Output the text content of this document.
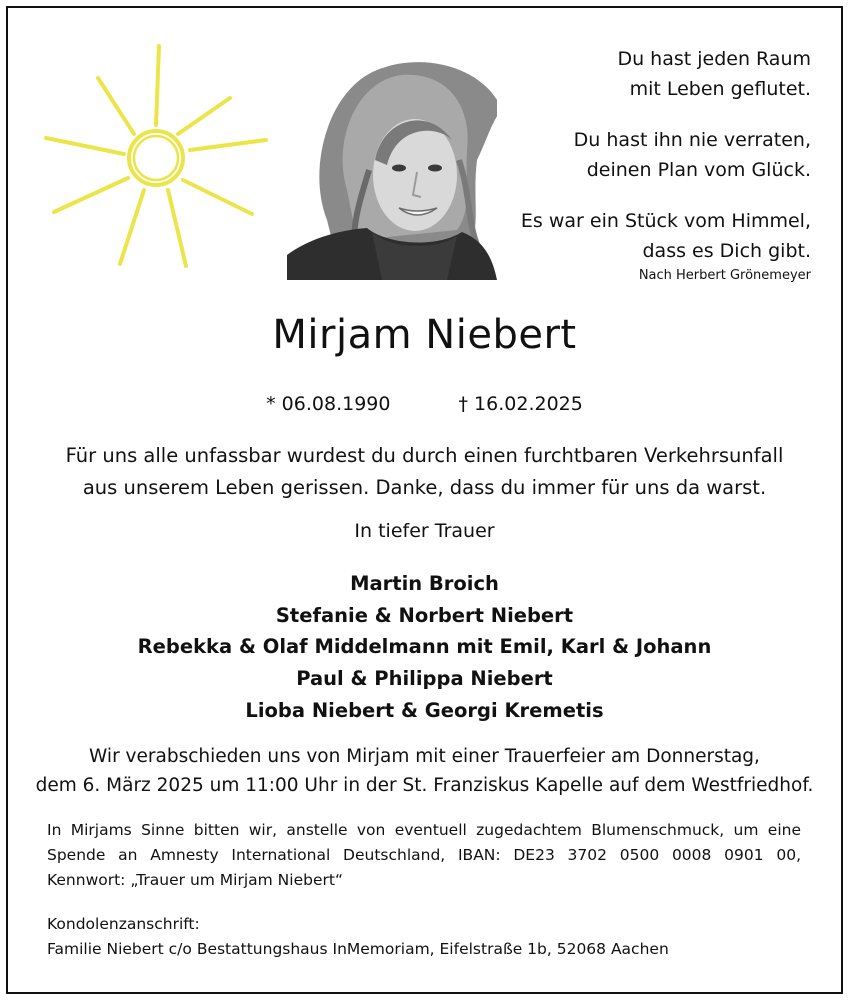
Du hast jeden Raum
mit Leben geflutet.

Du hast ihn nie verraten,
deinen Plan vom Glück.

Es war ein Stück vom Himmel,
dass es Dich gibt.

Nach Herbert Grönemeyer
Mirjam Niebert
* 06.08.1990	† 16.02.2025
Für uns alle unfassbar wurdest du durch einen furchtbaren Verkehrsunfall
aus unserem Leben gerissen. Danke, dass du immer für uns da warst.
In tiefer Trauer
Martin Broich
Stefanie & Norbert Niebert
Rebekka & Olaf Middelmann mit Emil, Karl & Johann
Paul & Philippa Niebert
Lioba Niebert & Georgi Kremetis
Wir verabschieden uns von Mirjam mit einer Trauerfeier am Donnerstag,
dem 6. März 2025 um 11:00 Uhr in der St. Franziskus Kapelle auf dem Westfriedhof.
In Mirjams Sinne bitten wir, anstelle von eventuell zugedachtem Blumenschmuck, um eine
Spende an Amnesty International Deutschland, IBAN: DE23 3702 0500 0008 0901 00,
Kennwort: „Trauer um Mirjam Niebert“
Kondolenzanschrift:
Familie Niebert c/o Bestattungshaus InMemoriam, Eifelstraße 1b, 52068 Aachen
